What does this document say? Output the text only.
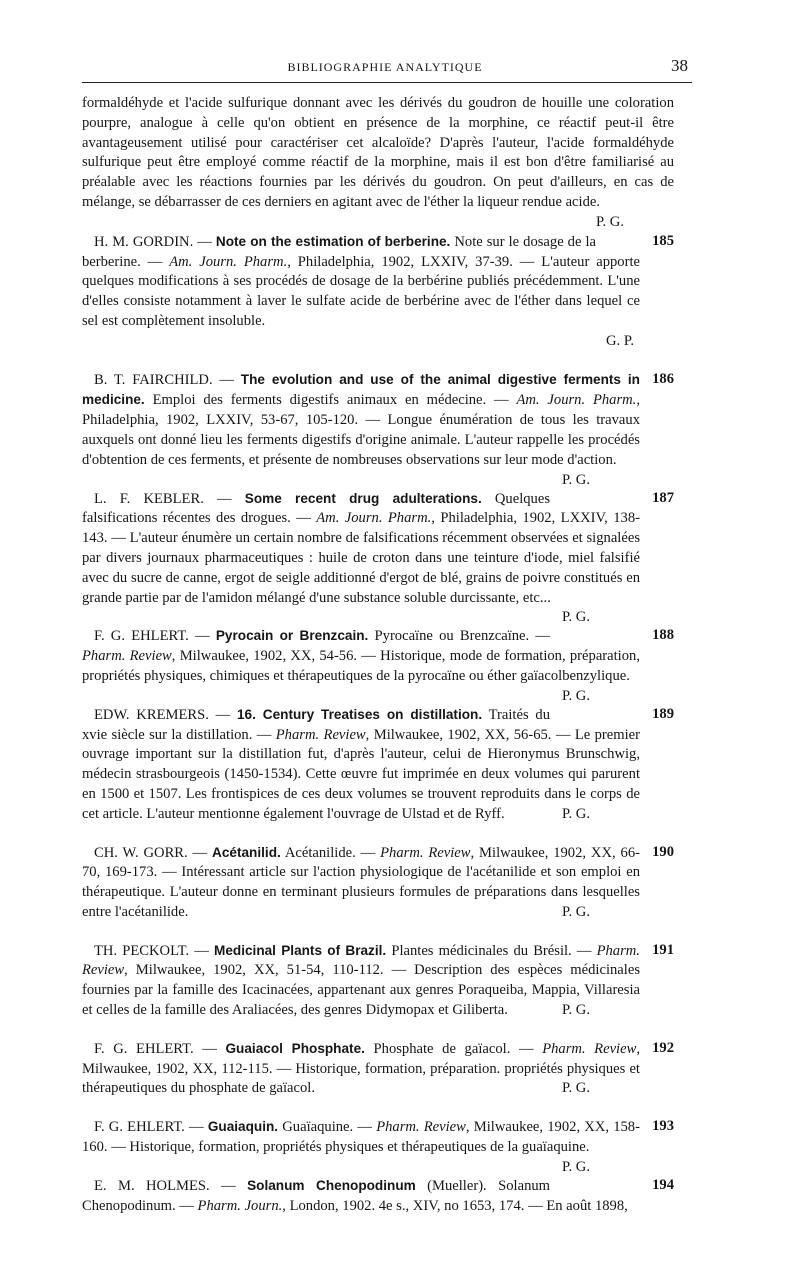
BIBLIOGRAPHIE ANALYTIQUE	38
formaldéhyde et l'acide sulfurique donnant avec les dérivés du goudron de houille une coloration pourpre, analogue à celle qu'on obtient en présence de la morphine, ce réactif peut-il être avantageusement utilisé pour caractériser cet alcaloïde? D'après l'auteur, l'acide formaldéhyde sulfurique peut être employé comme réactif de la morphine, mais il est bon d'être familiarisé au préalable avec les réactions fournies par les dérivés du goudron. On peut d'ailleurs, en cas de mélange, se débarrasser de ces derniers en agitant avec de l'éther la liqueur rendue acide.
P. G.
185

H. M. GORDIN. — Note on the estimation of berberine. Note sur le dosage de la berberine. — Am. Journ. Pharm., Philadelphia, 1902, LXXIV, 37-39. — L'auteur apporte quelques modifications à ses procédés de dosage de la berbérine publiés précédemment. L'une d'elles consiste notamment à laver le sulfate acide de berbérine avec de l'éther dans lequel ce sel est complètement insoluble.

G. P.
186

B. T. FAIRCHILD. — The evolution and use of the animal digestive ferments in medicine. Emploi des ferments digestifs animaux en médecine. — Am. Journ. Pharm., Philadelphia, 1902, LXXIV, 53-67, 105-120. — Longue énumération de tous les travaux auxquels ont donné lieu les ferments digestifs d'origine animale. L'auteur rappelle les procédés d'obtention de ces ferments, et présente de nombreuses observations sur leur mode d'action.
P. G.

187

L. F. KEBLER. — Some recent drug adulterations. Quelques falsifications récentes des drogues. — Am. Journ. Pharm., Philadelphia, 1902, LXXIV, 138-143. — L'auteur énumère un certain nombre de falsifications récemment observées et signalées par divers journaux pharmaceutiques : huile de croton dans une teinture d'iode, miel falsifié avec du sucre de canne, ergot de seigle additionné d'ergot de blé, grains de poivre constitués en grande partie par de l'amidon mélangé d'une substance soluble durcissante, etc...
P. G.

188

F. G. EHLERT. — Pyrocain or Brenzcain. Pyrocaïne ou Brenzcaïne. — Pharm. Review, Milwaukee, 1902, XX, 54-56. — Historique, mode de formation, préparation, propriétés physiques, chimiques et thérapeutiques de la pyrocaïne ou éther gaïacolbenzylique.
P. G.

189

EDW. KREMERS. — 16. Century Treatises on distillation. Traités du xvie siècle sur la distillation. — Pharm. Review, Milwaukee, 1902, XX, 56-65. — Le premier ouvrage important sur la distillation fut, d'après l'auteur, celui de Hieronymus Brunschwig, médecin strasbourgeois (1450-1534). Cette œuvre fut imprimée en deux volumes qui parurent en 1500 et 1507. Les frontispices de ces deux volumes se trouvent reproduits dans le corps de cet article. L'auteur mentionne également l'ouvrage de Ulstad et de Ryff.	P. G.

190

CH. W. GORR. — Acétanilid. Acétanilide. — Pharm. Review, Milwaukee, 1902, XX, 66-70, 169-173. — Intéressant article sur l'action physiologique de l'acétanilide et son emploi en thérapeutique. L'auteur donne en terminant plusieurs formules de préparations dans lesquelles entre l'acétanilide.	P. G.

191

TH. PECKOLT. — Medicinal Plants of Brazil. Plantes médicinales du Brésil. — Pharm. Review, Milwaukee, 1902, XX, 51-54, 110-112. — Description des espèces médicinales fournies par la famille des Icacinacées, appartenant aux genres Poraqueiba, Mappia, Villaresia et celles de la famille des Araliacées, des genres Didymopax et Giliberta.	P. G.

192

F. G. EHLERT. — Guaiacol Phosphate. Phosphate de gaïacol. — Pharm. Review, Milwaukee, 1902, XX, 112-115. — Historique, formation, préparation. propriétés physiques et thérapeutiques du phosphate de gaïacol.	P. G.

193

F. G. EHLERT. — Guaiaquin. Guaïaquine. — Pharm. Review, Milwaukee, 1902, XX, 158-160. — Historique, formation, propriétés physiques et thérapeutiques de la guaïaquine.
P. G.

194

E. M. HOLMES. — Solanum Chenopodinum (Mueller). Solanum Chenopodinum. — Pharm. Journ., London, 1902. 4e s., XIV, no 1653, 174. — En août 1898,
